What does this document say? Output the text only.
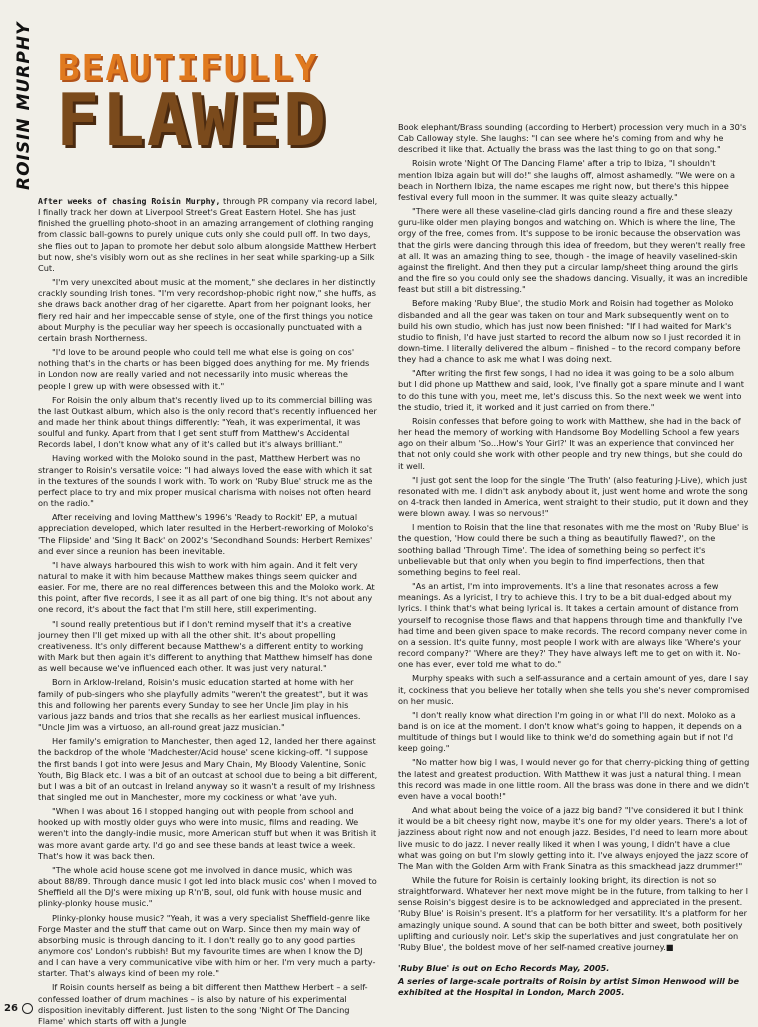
ROISIN MURPHY BEAUTIFULLY
FLAWED

After weeks of chasing Roisin Murphy, through PR company via record label, I finally track her down at Liverpool Street's Great Eastern Hotel. She has just finished the gruelling photo-shoot in an amazing arrangement of clothing ranging from classic ball-gowns to purely unique cuts only she could pull off. In two days, she flies out to Japan to promote her debut solo album alongside Matthew Herbert but now, she's visibly worn out as she reclines in her seat while sparking-up a Silk Cut.

"I'm very unexcited about music at the moment," she declares in her distinctly crackly sounding Irish tones. "I'm very recordshop-phobic right now," she huffs, as she draws back another drag of her cigarette. Apart from her poignant looks, her fiery red hair and her impeccable sense of style, one of the first things you notice about Murphy is the peculiar way her speech is occasionally punctuated with a certain brash Northerness.

"I'd love to be around people who could tell me what else is going on cos' nothing that's in the charts or has been bigged does anything for me. My friends in London now are really varied and not necessarily into music whereas the people I grew up with were obsessed with it."

For Roisin the only album that's recently lived up to its commercial billing was the last Outkast album, which also is the only record that's recently influenced her and made her think about things differently: "Yeah, it was experimental, it was soulful and funky. Apart from that I get sent stuff from Matthew's Accidental Records label, I don't know what any of it's called but it's always brilliant."

Having worked with the Moloko sound in the past, Matthew Herbert was no stranger to Roisin's versatile voice: "I had always loved the ease with which it sat in the textures of the sounds I work with. To work on 'Ruby Blue' struck me as the perfect place to try and mix proper musical charisma with noises not often heard on the radio."

After receiving and loving Matthew's 1996's 'Ready to Rockit' EP, a mutual appreciation developed, which later resulted in the Herbert-reworking of Moloko's 'The Flipside' and 'Sing It Back' on 2002's 'Secondhand Sounds: Herbert Remixes' and ever since a reunion has been inevitable.

"I have always harboured this wish to work with him again. And it felt very natural to make it with him because Matthew makes things seem quicker and easier. For me, there are no real differences between this and the Moloko work. At this point, after five records, I see it as all part of one big thing. It's not about any one record, it's about the fact that I'm still here, still experimenting.

"I sound really pretentious but if I don't remind myself that it's a creative journey then I'll get mixed up with all the other shit. It's about propelling creativeness. It's only different because Matthew's a different entity to working with Mark but then again it's different to anything that Matthew himself has done as well because we've influenced each other. It was just very natural."

Born in Arklow-Ireland, Roisin's music education started at home with her family of pub-singers who she playfully admits "weren't the greatest", but it was this and following her parents every Sunday to see her Uncle Jim play in his various jazz bands and trios that she recalls as her earliest musical influences. "Uncle Jim was a virtuoso, an all-round great jazz musician."

Her family's emigration to Manchester, then aged 12, landed her there against the backdrop of the whole 'Madchester/Acid house' scene kicking-off. "I suppose the first bands I got into were Jesus and Mary Chain, My Bloody Valentine, Sonic Youth, Big Black etc. I was a bit of an outcast at school due to being a bit different, but I was a bit of an outcast in Ireland anyway so it wasn't a result of my Irishness that singled me out in Manchester, more my cockiness or what 'ave yuh.

"When I was about 16 I stopped hanging out with people from school and hooked up with mostly older guys who were into music, films and reading. We weren't into the dangly-indie music, more American stuff but when it was British it was more avant garde arty. I'd go and see these bands at least twice a week. That's how it was back then.

"The whole acid house scene got me involved in dance music, which was about 88/89. Through dance music I got led into black music cos' when I moved to Sheffield all the DJ's were mixing up R'n'B, soul, old funk with house music and plinky-plonky house music."

Plinky-plonky house music? "Yeah, it was a very specialist Sheffield-genre like Forge Master and the stuff that came out on Warp. Since then my main way of absorbing music is through dancing to it. I don't really go to any good parties anymore cos' London's rubbish! But my favourite times are when I know the DJ and I can have a very communicative vibe with him or her. I'm very much a party-starter. That's always kind of been my role."

If Roisin counts herself as being a bit different then Matthew Herbert – a self-confessed loather of drum machines – is also by nature of his experimental disposition inevitably different. Just listen to the song 'Night Of The Dancing Flame' which starts off with a Jungle

Book elephant/Brass sounding (according to Herbert) procession very much in a 30's Cab Calloway style. She laughs: "I can see where he's coming from and why he described it like that. Actually the brass was the last thing to go on that song."

Roisin wrote 'Night Of The Dancing Flame' after a trip to Ibiza, "I shouldn't mention Ibiza again but will do!" she laughs off, almost ashamedly. "We were on a beach in Northern Ibiza, the name escapes me right now, but there's this hippee festival every full moon in the summer. It was quite sleazy actually."

"There were all these vaseline-clad girls dancing round a fire and these sleazy guru-like older men playing bongos and watching on. Which is where the line, The orgy of the free, comes from. It's suppose to be ironic because the observation was that the girls were dancing through this idea of freedom, but they weren't really free at all. It was an amazing thing to see, though - the image of heavily vaselined-skin against the firelight. And then they put a circular lamp/sheet thing around the girls and the fire so you could only see the shadows dancing. Visually, it was an incredible feast but still a bit distressing."

Before making 'Ruby Blue', the studio Mork and Roisin had together as Moloko disbanded and all the gear was taken on tour and Mark subsequently went on to build his own studio, which has just now been finished: "If I had waited for Mark's studio to finish, I'd have just started to record the album now so I just recorded it in down-time. I literally delivered the album – finished – to the record company before they had a chance to ask me what I was doing next.

"After writing the first few songs, I had no idea it was going to be a solo album but I did phone up Matthew and said, look, I've finally got a spare minute and I want to do this tune with you, meet me, let's discuss this. So the next week we went into the studio, tried it, it worked and it just carried on from there."

Roisin confesses that before going to work with Matthew, she had in the back of her head the memory of working with Handsome Boy Modelling School a few years ago on their album 'So...How's Your Girl?' It was an experience that convinced her that not only could she work with other people and try new things, but she could do it well.

"I just got sent the loop for the single 'The Truth' (also featuring J-Live), which just resonated with me. I didn't ask anybody about it, just went home and wrote the song on 4-track then landed in America, went straight to their studio, put it down and they were blown away. I was so nervous!"

I mention to Roisin that the line that resonates with me the most on 'Ruby Blue' is the question, 'How could there be such a thing as beautifully flawed?', on the soothing ballad 'Through Time'. The idea of something being so perfect it's unbelievable but that only when you begin to find imperfections, then that something begins to feel real.

"As an artist, I'm into improvements. It's a line that resonates across a few meanings. As a lyricist, I try to achieve this. I try to be a bit dual-edged about my lyrics. I think that's what being lyrical is. It takes a certain amount of distance from yourself to recognise those flaws and that happens through time and thankfully I've had time and been given space to make records. The record company never come in on a session. It's quite funny, most people I work with are always like 'Where's your record company?' 'Where are they?' They have always left me to get on with it. No-one has ever, ever told me what to do."

Murphy speaks with such a self-assurance and a certain amount of yes, dare I say it, cockiness that you believe her totally when she tells you she's never compromised on her music.

"I don't really know what direction I'm going in or what I'll do next. Moloko as a band is on ice at the moment. I don't know what's going to happen, it depends on a multitude of things but I would like to think we'd do something again but if not I'd keep going."

"No matter how big I was, I would never go for that cherry-picking thing of getting the latest and greatest production. With Matthew it was just a natural thing. I mean this record was made in one little room. All the brass was done in there and we didn't even have a vocal booth!"

And what about being the voice of a jazz big band? "I've considered it but I think it would be a bit cheesy right now, maybe it's one for my older years. There's a lot of jazziness about right now and not enough jazz. Besides, I'd need to learn more about live music to do jazz. I never really liked it when I was young, I didn't have a clue what was going on but I'm slowly getting into it. I've always enjoyed the jazz score of The Man with the Golden Arm with Frank Sinatra as this smackhead jazz drummer!"

While the future for Roisin is certainly looking bright, its direction is not so straightforward. Whatever her next move might be in the future, from talking to her I sense Roisin's biggest desire is to be acknowledged and appreciated in the present. 'Ruby Blue' is Roisin's present. It's a platform for her versatility. It's a platform for her amazingly unique sound. A sound that can be both bitter and sweet, both positively uplifting and curiously noir. Let's skip the superlatives and just congratulate her on 'Ruby Blue', the boldest move of her self-named creative journey.■

'Ruby Blue' is out on Echo Records May, 2005.

A series of large-scale portraits of Roisin by artist Simon Henwood will be exhibited at the Hospital in London, March 2005.

26
